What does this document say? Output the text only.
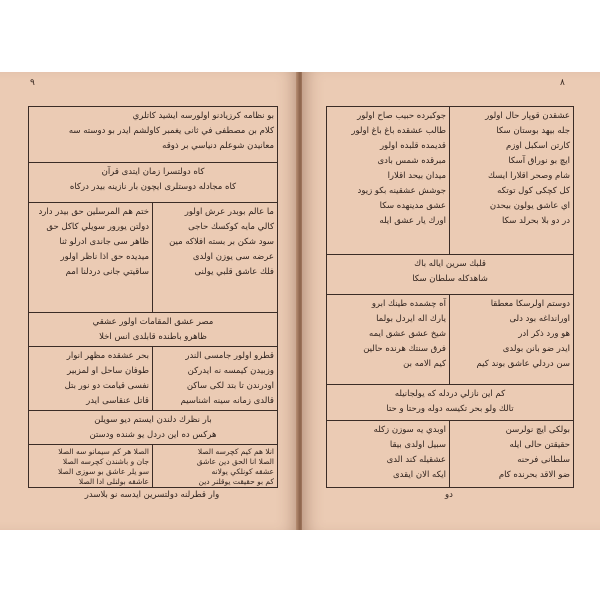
٩
بو نظامه كرزيادنو اولورسه ايشيد كاتلري
كلام بن مصطفى في ثانى يغمبر كاولشم ايدر بو دوسته سه
معانيدن شوعلم دنياسي بر ذوقه
كاه دولتسرا زمان ايتدى قرآن
كاه مجادله دوستلرى ايچون بار نازينه بيدر دركاه
ختم هم المرسلين حق بيدر دارد
دولتن يورور سويلي كاكل حق
ظاهر سى جاندى ادرلو ثنا
ميديده حق اذا ناظر اولور
ساقيتي جانى دردلنا امم
ما عالم بوبدر عرش اولور
كالي مايه كوكسك حاجى
سود شكن بر بسته افلاكه مين
عرضه سى يوزن اولدى
فلك عاشق قلبي يولنى
مصر عشق المقامات اولور عشقي
ظاهرو باطنده قابلدى انس اخلا
بحر عشقده مظهر انوار
طوفان ساحل او لمزبير
نفسى قيامت دو نور بتل
قاتل عنقاسى ايدر
قطرو اولور جامسى الندر
وزبيدن كيمسه نه ايدركن
اودرندن تا بتد لكى ساكن
قالدى زمانه سينه اشناسيم
بار نظرك دلندن ايستم ديو سويلن
هركس ده اين دردل يو شنده ودستن
الصلا هر كم سيمانو سه الصلا
جان و باشندن كچرسه الصلا
سو يلر عاشق بو سوزى الصلا
عاشقه بولنلى ادا الصلا
انلا هم كيم كچرسه الصلا
الصلا انا الحق دين عاشق
عشقه كونلكي يولانه
كم بو حقيقت يوقلنر دين
وار قطرلنه دولتسرين ايدسه نو بلاسدر
٨
جوكبرده حبيب صاح اولور
طالب عشقده باغ باغ اولور
قديمده قلبده اولور
مبرقده شمس بادى
ميدان بيحد اقلارا
جوشش عشقينه بكو زيود
عشق مدينهده سكا
اورك يار عشق ايله
عشقدن قوپار حال اولور
جله بيهد بوستان سكا
كارتن اسكبل اوزم
ايچ بو نوراق آسكا
شام وصحر اقلارا ايسك
كل كچكى كول توتكه
اي عاشق يولون بيحدن
در دو بلا بحرلد سكا
قلبك سرين اياله باك
شاهدكله سلطان سكا
آه چشمده طينك ابرو
يارك اله ايردل بولما
شيخ عشق عشق ايمه
فرق سنتك هرنده حالين
كيم الامه بن
دوستم اولرسكا معطقا
اورانداغه بود دلى
هو ورد ذكر ادر
ايدر ضو بانن بولدى
سن دردلي عاشق بوند كيم
كم اين نازلي دردله كه يولجانيله
تالك ولو بحر تكيسه دوله ورحتا و حتا
اوبدي يه سوزن زكله
سبيل اولدى بيقا
عشقيله كند الدى
ايكه الان ايقدى
بولكى ايچ نولرسن
حقيقتن حالى ايله
سلطانى فرحنه
ضو الاقد بحرنده كام
دو
